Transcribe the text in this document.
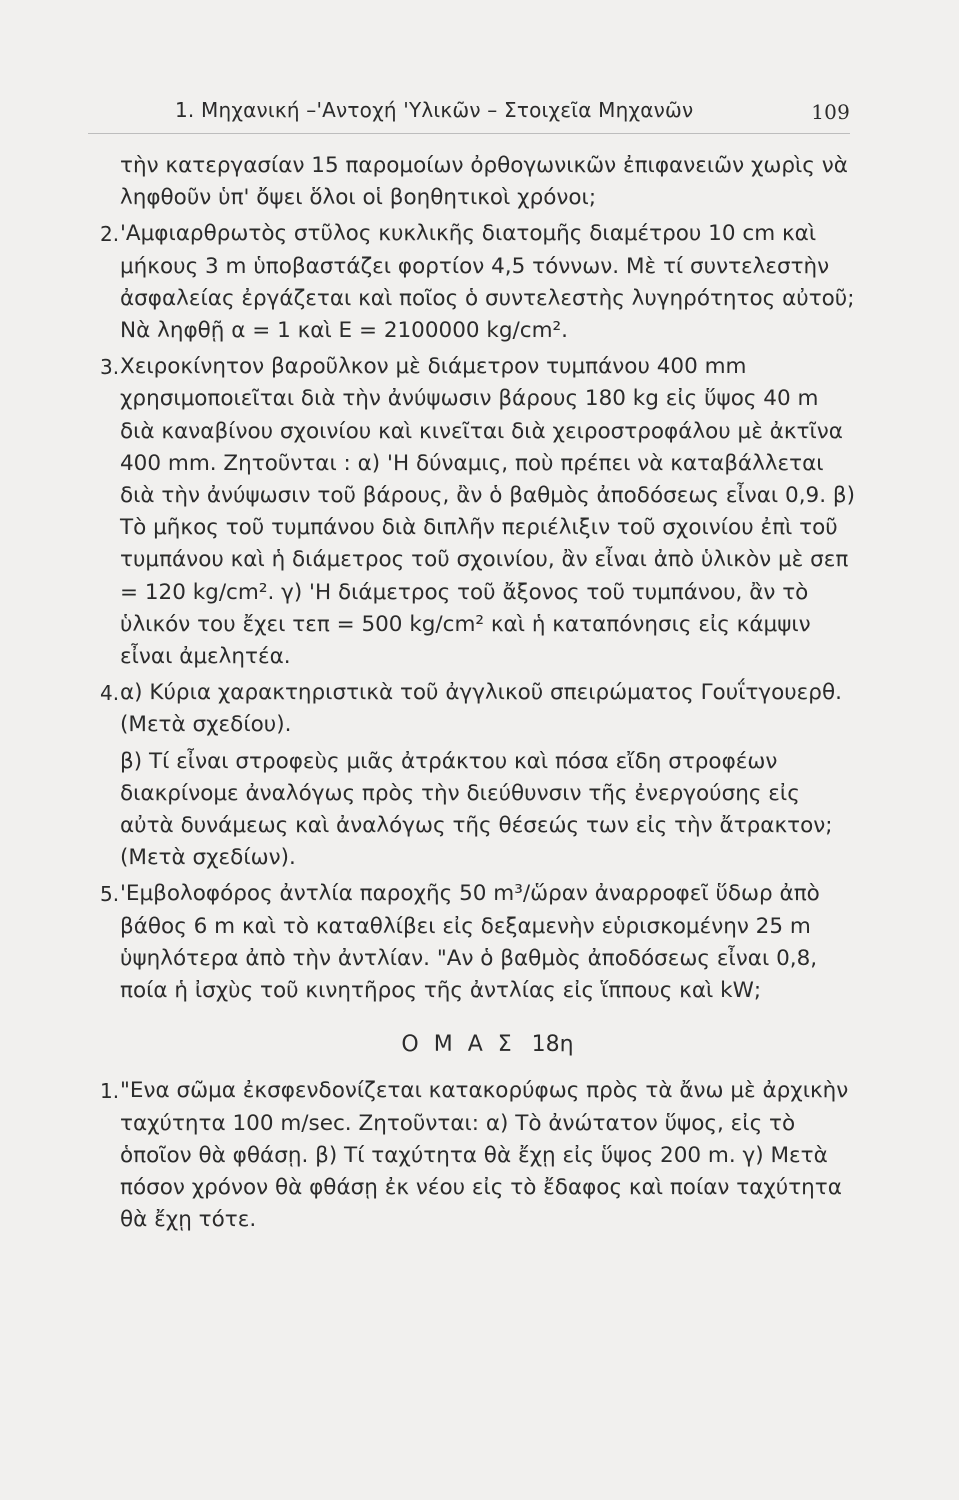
1. Μηχανική –'Αντοχή 'Υλικῶν – Στοιχεῖα Μηχανῶν	109

τὴν κατεργασίαν 15 παρομοίων ὀρθογωνικῶν ἐπιφανειῶν χωρὶς νὰ ληφθοῦν ὑπ' ὄψει ὅλοι οἱ βοηθητικοὶ χρόνοι;

2. 'Αμφιαρθρωτὸς στῦλος κυκλικῆς διατομῆς διαμέτρου 10 cm καὶ μήκους 3 m ὑποβαστάζει φορτίον 4,5 τόννων. Μὲ τί συντελεστὴν ἀσφαλείας ἐργάζεται καὶ ποῖος ὁ συντελεστὴς λυγηρότητος αὐτοῦ; Νὰ ληφθῇ α = 1 καὶ Ε = 2100000 kg/cm².

3. Χειροκίνητον βαροῦλκον μὲ διάμετρον τυμπάνου 400 mm χρησιμοποιεῖται διὰ τὴν ἀνύψωσιν βάρους 180 kg εἰς ὕψος 40 m διὰ καναβίνου σχοινίου καὶ κινεῖται διὰ χειροστροφάλου μὲ ἀκτῖνα 400 mm. Ζητοῦνται : α) 'Η δύναμις, ποὺ πρέπει νὰ καταβάλλεται διὰ τὴν ἀνύψωσιν τοῦ βάρους, ἂν ὁ βαθμὸς ἀποδόσεως εἶναι 0,9. β) Τὸ μῆκος τοῦ τυμπάνου διὰ διπλῆν περιέλιξιν τοῦ σχοινίου ἐπὶ τοῦ τυμπάνου καὶ ἡ διάμετρος τοῦ σχοινίου, ἂν εἶναι ἀπὸ ὑλικὸν μὲ σεπ = 120 kg/cm². γ) 'Η διάμετρος τοῦ ἄξονος τοῦ τυμπάνου, ἂν τὸ ὑλικόν του ἔχει τεπ = 500 kg/cm² καὶ ἡ καταπόνησις εἰς κάμψιν εἶναι ἀμελητέα.

4. α) Κύρια χαρακτηριστικὰ τοῦ ἀγγλικοῦ σπειρώματος Γουΐτγουερθ. (Μετὰ σχεδίου).

β) Τί εἶναι στροφεὺς μιᾶς ἀτράκτου καὶ πόσα εἴδη στροφέων διακρίνομε ἀναλόγως πρὸς τὴν διεύθυνσιν τῆς ἐνεργούσης εἰς αὐτὰ δυνάμεως καὶ ἀναλόγως τῆς θέσεώς των εἰς τὴν ἄτρακτον; (Μετὰ σχεδίων).

5. 'Εμβολοφόρος ἀντλία παροχῆς 50 m³/ὥραν ἀναρροφεῖ ὕδωρ ἀπὸ βάθος 6 m καὶ τὸ καταθλίβει εἰς δεξαμενὴν εὑρισκομένην 25 m ὑψηλότερα ἀπὸ τὴν ἀντλίαν. "Αν ὁ βαθμὸς ἀποδόσεως εἶναι 0,8, ποία ἡ ἰσχὺς τοῦ κινητῆρος τῆς ἀντλίας εἰς ἵππους καὶ kW;

Ο Μ Α Σ 18η
1. "Ενα σῶμα ἐκσφενδονίζεται κατακορύφως πρὸς τὰ ἄνω μὲ ἀρχικὴν ταχύτητα 100 m/sec. Ζητοῦνται: α) Τὸ ἀνώτατον ὕψος, εἰς τὸ ὁποῖον θὰ φθάσῃ. β) Τί ταχύτητα θὰ ἔχῃ εἰς ὕψος 200 m. γ) Μετὰ πόσον χρόνον θὰ φθάσῃ ἐκ νέου εἰς τὸ ἔδαφος καὶ ποίαν ταχύτητα θὰ ἔχῃ τότε.
